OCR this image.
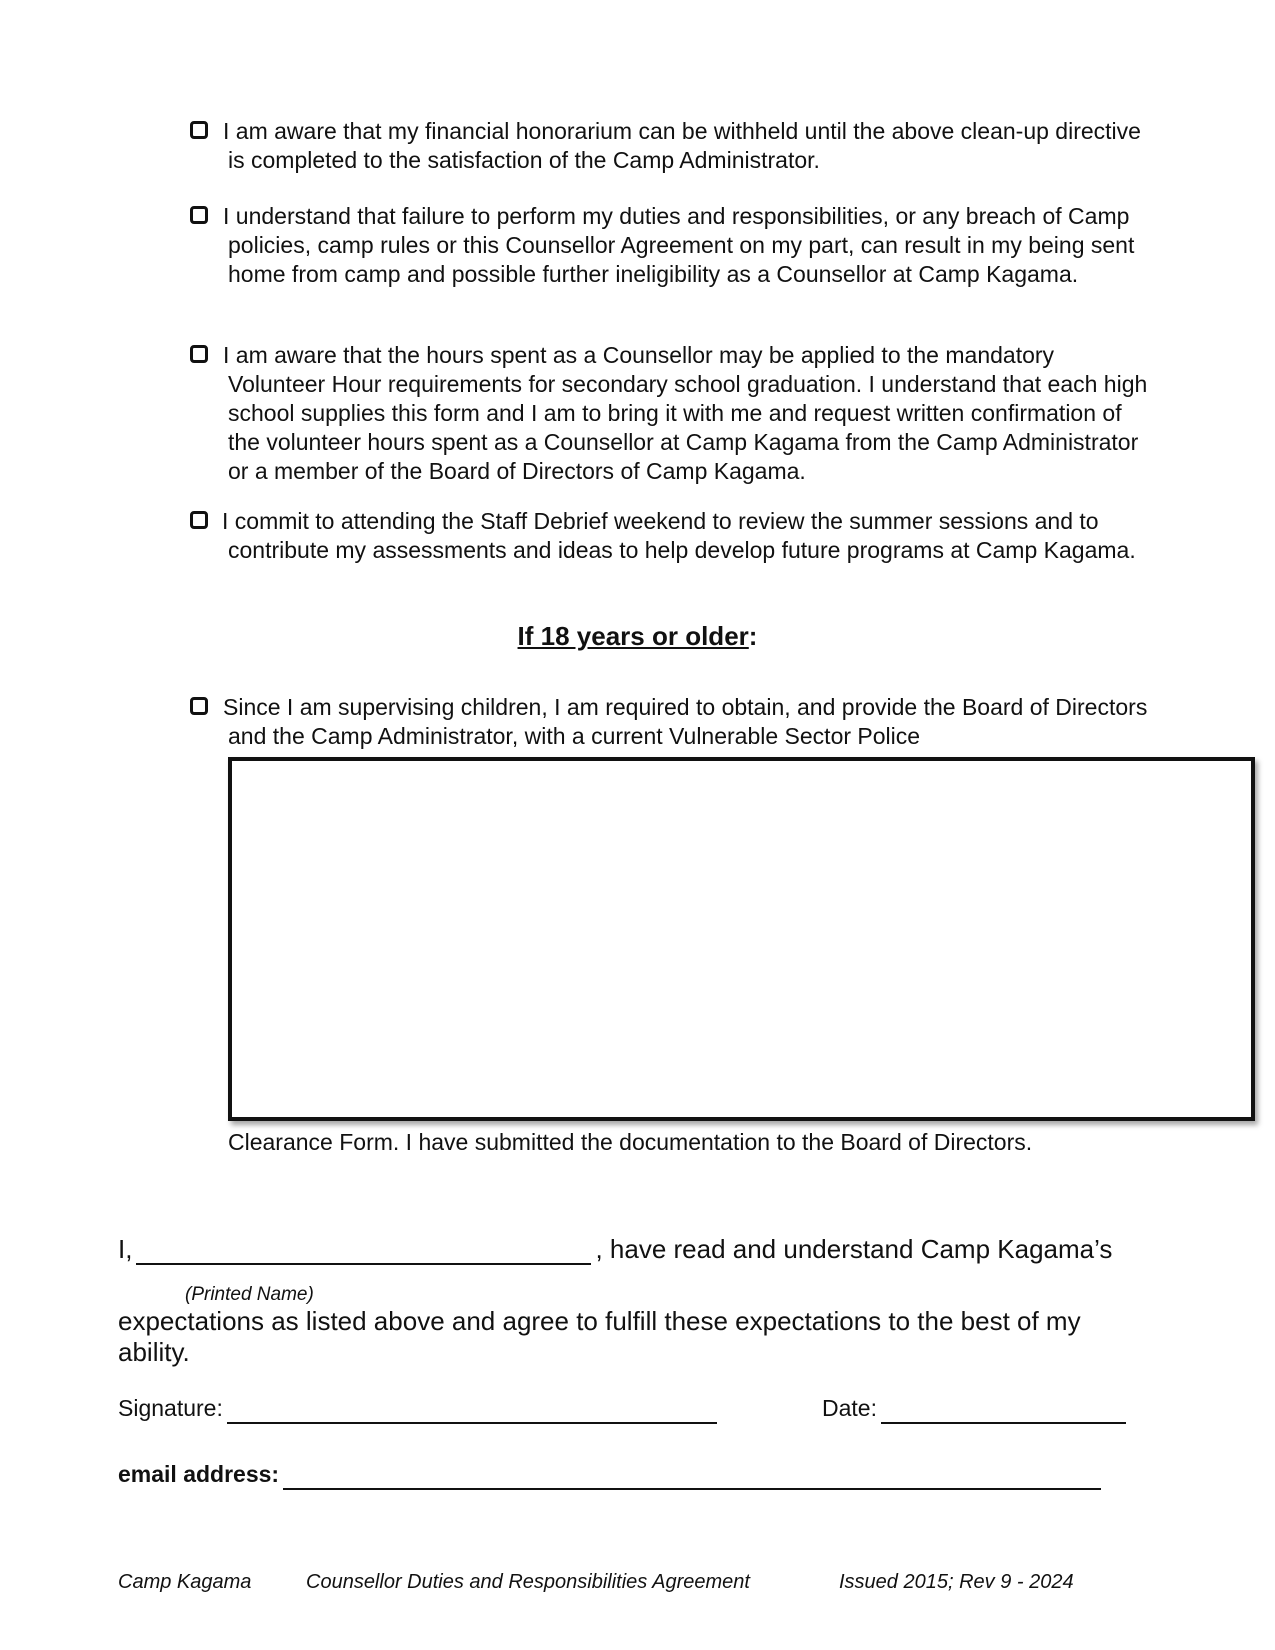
I am aware that my financial honorarium can be withheld until the above clean-up directive is completed to the satisfaction of the Camp Administrator.
I understand that failure to perform my duties and responsibilities, or any breach of Camp policies, camp rules or this Counsellor Agreement on my part, can result in my being sent home from camp and possible further ineligibility as a Counsellor at Camp Kagama.
I am aware that the hours spent as a Counsellor may be applied to the mandatory Volunteer Hour requirements for secondary school graduation. I understand that each high school supplies this form and I am to bring it with me and request written confirmation of the volunteer hours spent as a Counsellor at Camp Kagama from the Camp Administrator or a member of the Board of Directors of Camp Kagama.
I commit to attending the Staff Debrief weekend to review the summer sessions and to contribute my assessments and ideas to help develop future programs at Camp Kagama.
If 18 years or older:
Since I am supervising children, I am required to obtain, and provide the Board of Directors and the Camp Administrator, with a current Vulnerable Sector Police
Clearance Form. I have submitted the documentation to the Board of Directors.
I,	, have read and understand Camp Kagama’s
(Printed Name)
expectations as listed above and agree to fulfill these expectations to the best of my ability.
Signature:	Date:
email address:
Camp Kagama	Counsellor Duties and Responsibilities Agreement	Issued 2015; Rev 9 - 2024
